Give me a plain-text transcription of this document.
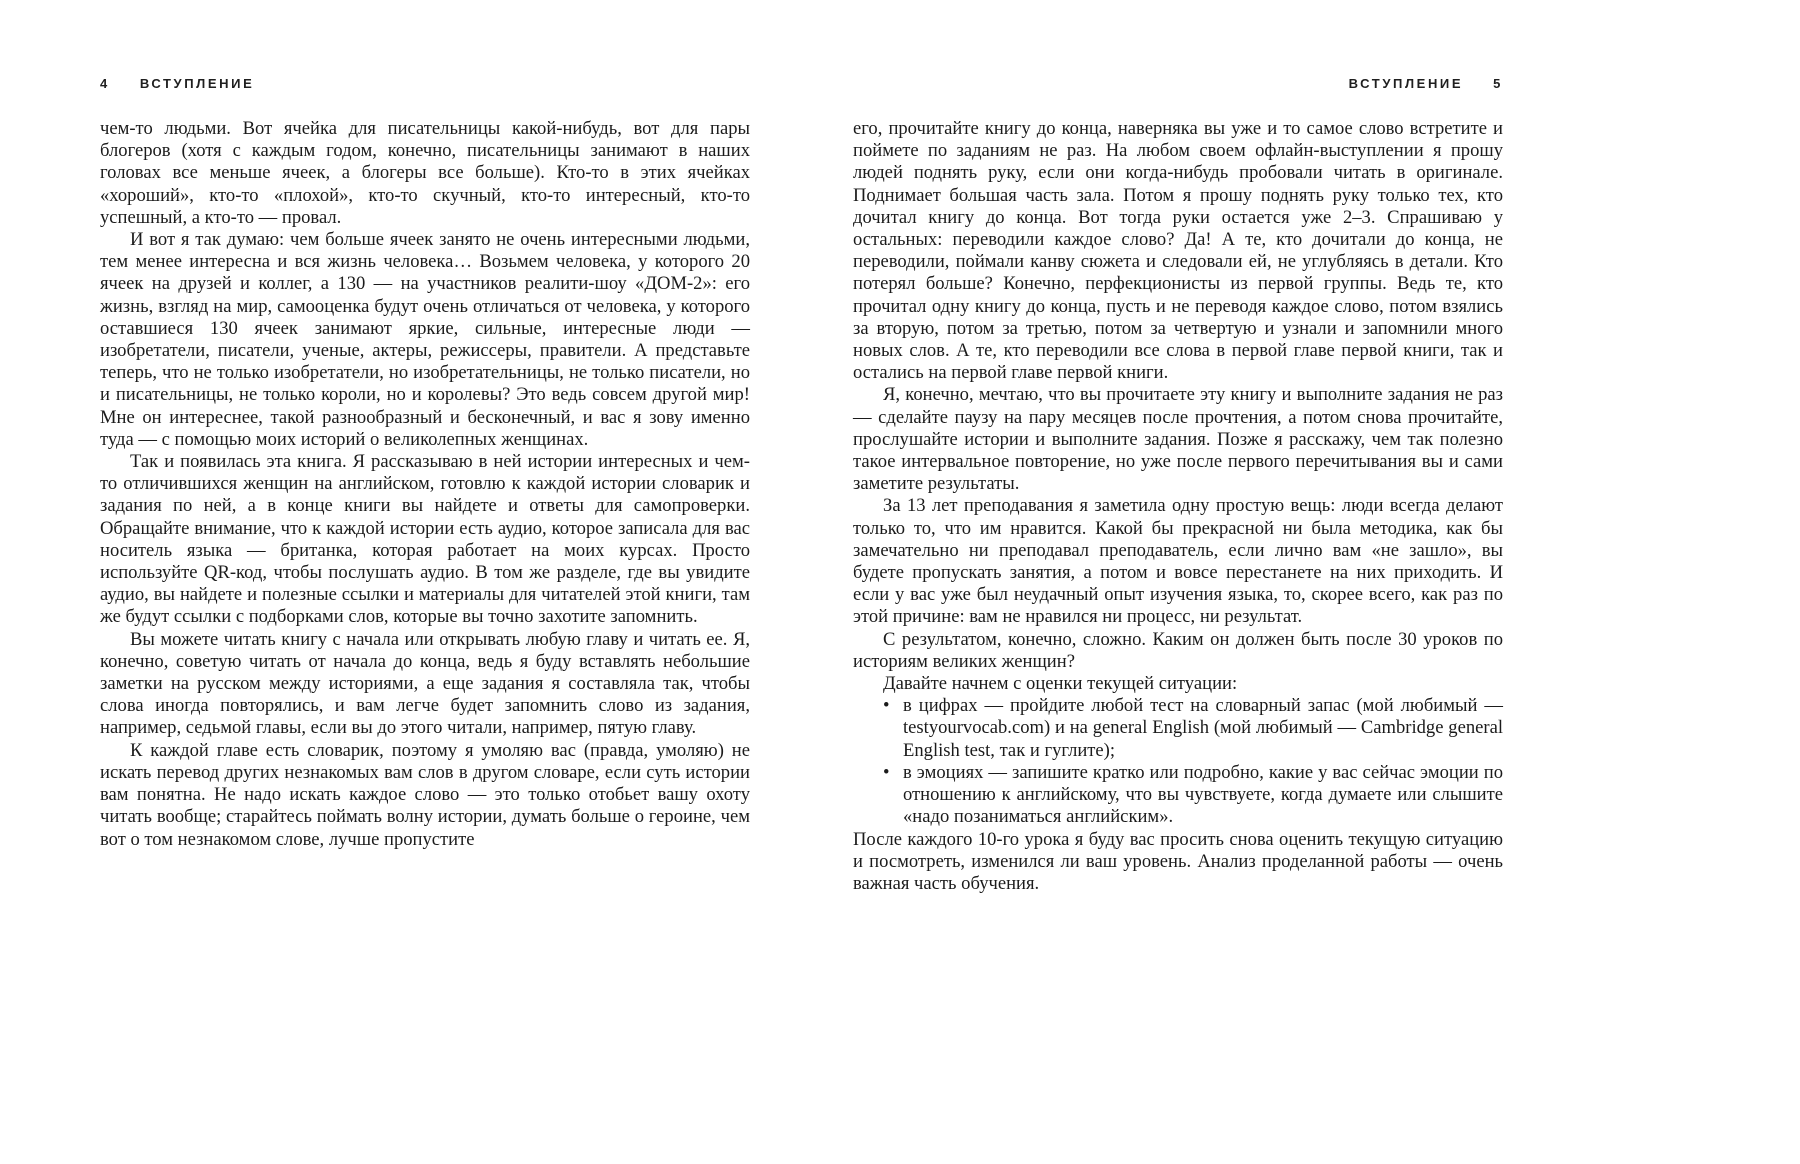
4 ВСТУПЛЕНИЕ

чем-то людьми. Вот ячейка для писательницы какой-нибудь, вот для пары блогеров (хотя с каждым годом, конечно, писательницы занимают в наших головах все меньше ячеек, а блогеры все больше). Кто-то в этих ячейках «хороший», кто-то «плохой», кто-то скучный, кто-то интересный, кто-то успешный, а кто-то — провал.

И вот я так думаю: чем больше ячеек занято не очень интересными людьми, тем менее интересна и вся жизнь человека… Возьмем человека, у которого 20 ячеек на друзей и коллег, а 130 — на участников реалити-шоу «ДОМ-2»: его жизнь, взгляд на мир, самооценка будут очень отличаться от человека, у которого оставшиеся 130 ячеек занимают яркие, сильные, интересные люди — изобретатели, писатели, ученые, актеры, режиссеры, правители. А представьте теперь, что не только изобретатели, но изобретательницы, не только писатели, но и писательницы, не только короли, но и королевы? Это ведь совсем другой мир! Мне он интереснее, такой разнообразный и бесконечный, и вас я зову именно туда — с помощью моих историй о великолепных женщинах.

Так и появилась эта книга. Я рассказываю в ней истории интересных и чем-то отличившихся женщин на английском, готовлю к каждой истории словарик и задания по ней, а в конце книги вы найдете и ответы для самопроверки. Обращайте внимание, что к каждой истории есть аудио, которое записала для вас носитель языка — британка, которая работает на моих курсах. Просто используйте QR-код, чтобы послушать аудио. В том же разделе, где вы увидите аудио, вы найдете и полезные ссылки и материалы для читателей этой книги, там же будут ссылки с подборками слов, которые вы точно захотите запомнить.

Вы можете читать книгу с начала или открывать любую главу и читать ее. Я, конечно, советую читать от начала до конца, ведь я буду вставлять небольшие заметки на русском между историями, а еще задания я составляла так, чтобы слова иногда повторялись, и вам легче будет запомнить слово из задания, например, седьмой главы, если вы до этого читали, например, пятую главу.

К каждой главе есть словарик, поэтому я умоляю вас (правда, умоляю) не искать перевод других незнакомых вам слов в другом словаре, если суть истории вам понятна. Не надо искать каждое слово — это только отобьет вашу охоту читать вообще; старайтесь поймать волну истории, думать больше о героине, чем вот о том незнакомом слове, лучше пропустите

ВСТУПЛЕНИЕ 5

его, прочитайте книгу до конца, наверняка вы уже и то самое слово встретите и поймете по заданиям не раз. На любом своем офлайн-выступлении я прошу людей поднять руку, если они когда-нибудь пробовали читать в оригинале. Поднимает большая часть зала. Потом я прошу поднять руку только тех, кто дочитал книгу до конца. Вот тогда руки остается уже 2–3. Спрашиваю у остальных: переводили каждое слово? Да! А те, кто дочитали до конца, не переводили, поймали канву сюжета и следовали ей, не углубляясь в детали. Кто потерял больше? Конечно, перфекционисты из первой группы. Ведь те, кто прочитал одну книгу до конца, пусть и не переводя каждое слово, потом взялись за вторую, потом за третью, потом за четвертую и узнали и запомнили много новых слов. А те, кто переводили все слова в первой главе первой книги, так и остались на первой главе первой книги.

Я, конечно, мечтаю, что вы прочитаете эту книгу и выполните задания не раз — сделайте паузу на пару месяцев после прочтения, а потом снова прочитайте, прослушайте истории и выполните задания. Позже я расскажу, чем так полезно такое интервальное повторение, но уже после первого перечитывания вы и сами заметите результаты.

За 13 лет преподавания я заметила одну простую вещь: люди всегда делают только то, что им нравится. Какой бы прекрасной ни была методика, как бы замечательно ни преподавал преподаватель, если лично вам «не зашло», вы будете пропускать занятия, а потом и вовсе перестанете на них приходить. И если у вас уже был неудачный опыт изучения языка, то, скорее всего, как раз по этой причине: вам не нравился ни процесс, ни результат.

С результатом, конечно, сложно. Каким он должен быть после 30 уроков по историям великих женщин?

Давайте начнем с оценки текущей ситуации:

• в цифрах — пройдите любой тест на словарный запас (мой любимый — testyourvocab.com) и на general English (мой любимый — Cambridge general English test, так и гуглите);
• в эмоциях — запишите кратко или подробно, какие у вас сейчас эмоции по отношению к английскому, что вы чувствуете, когда думаете или слышите «надо позаниматься английским».

После каждого 10-го урока я буду вас просить снова оценить текущую ситуацию и посмотреть, изменился ли ваш уровень. Анализ проделанной работы — очень важная часть обучения.
